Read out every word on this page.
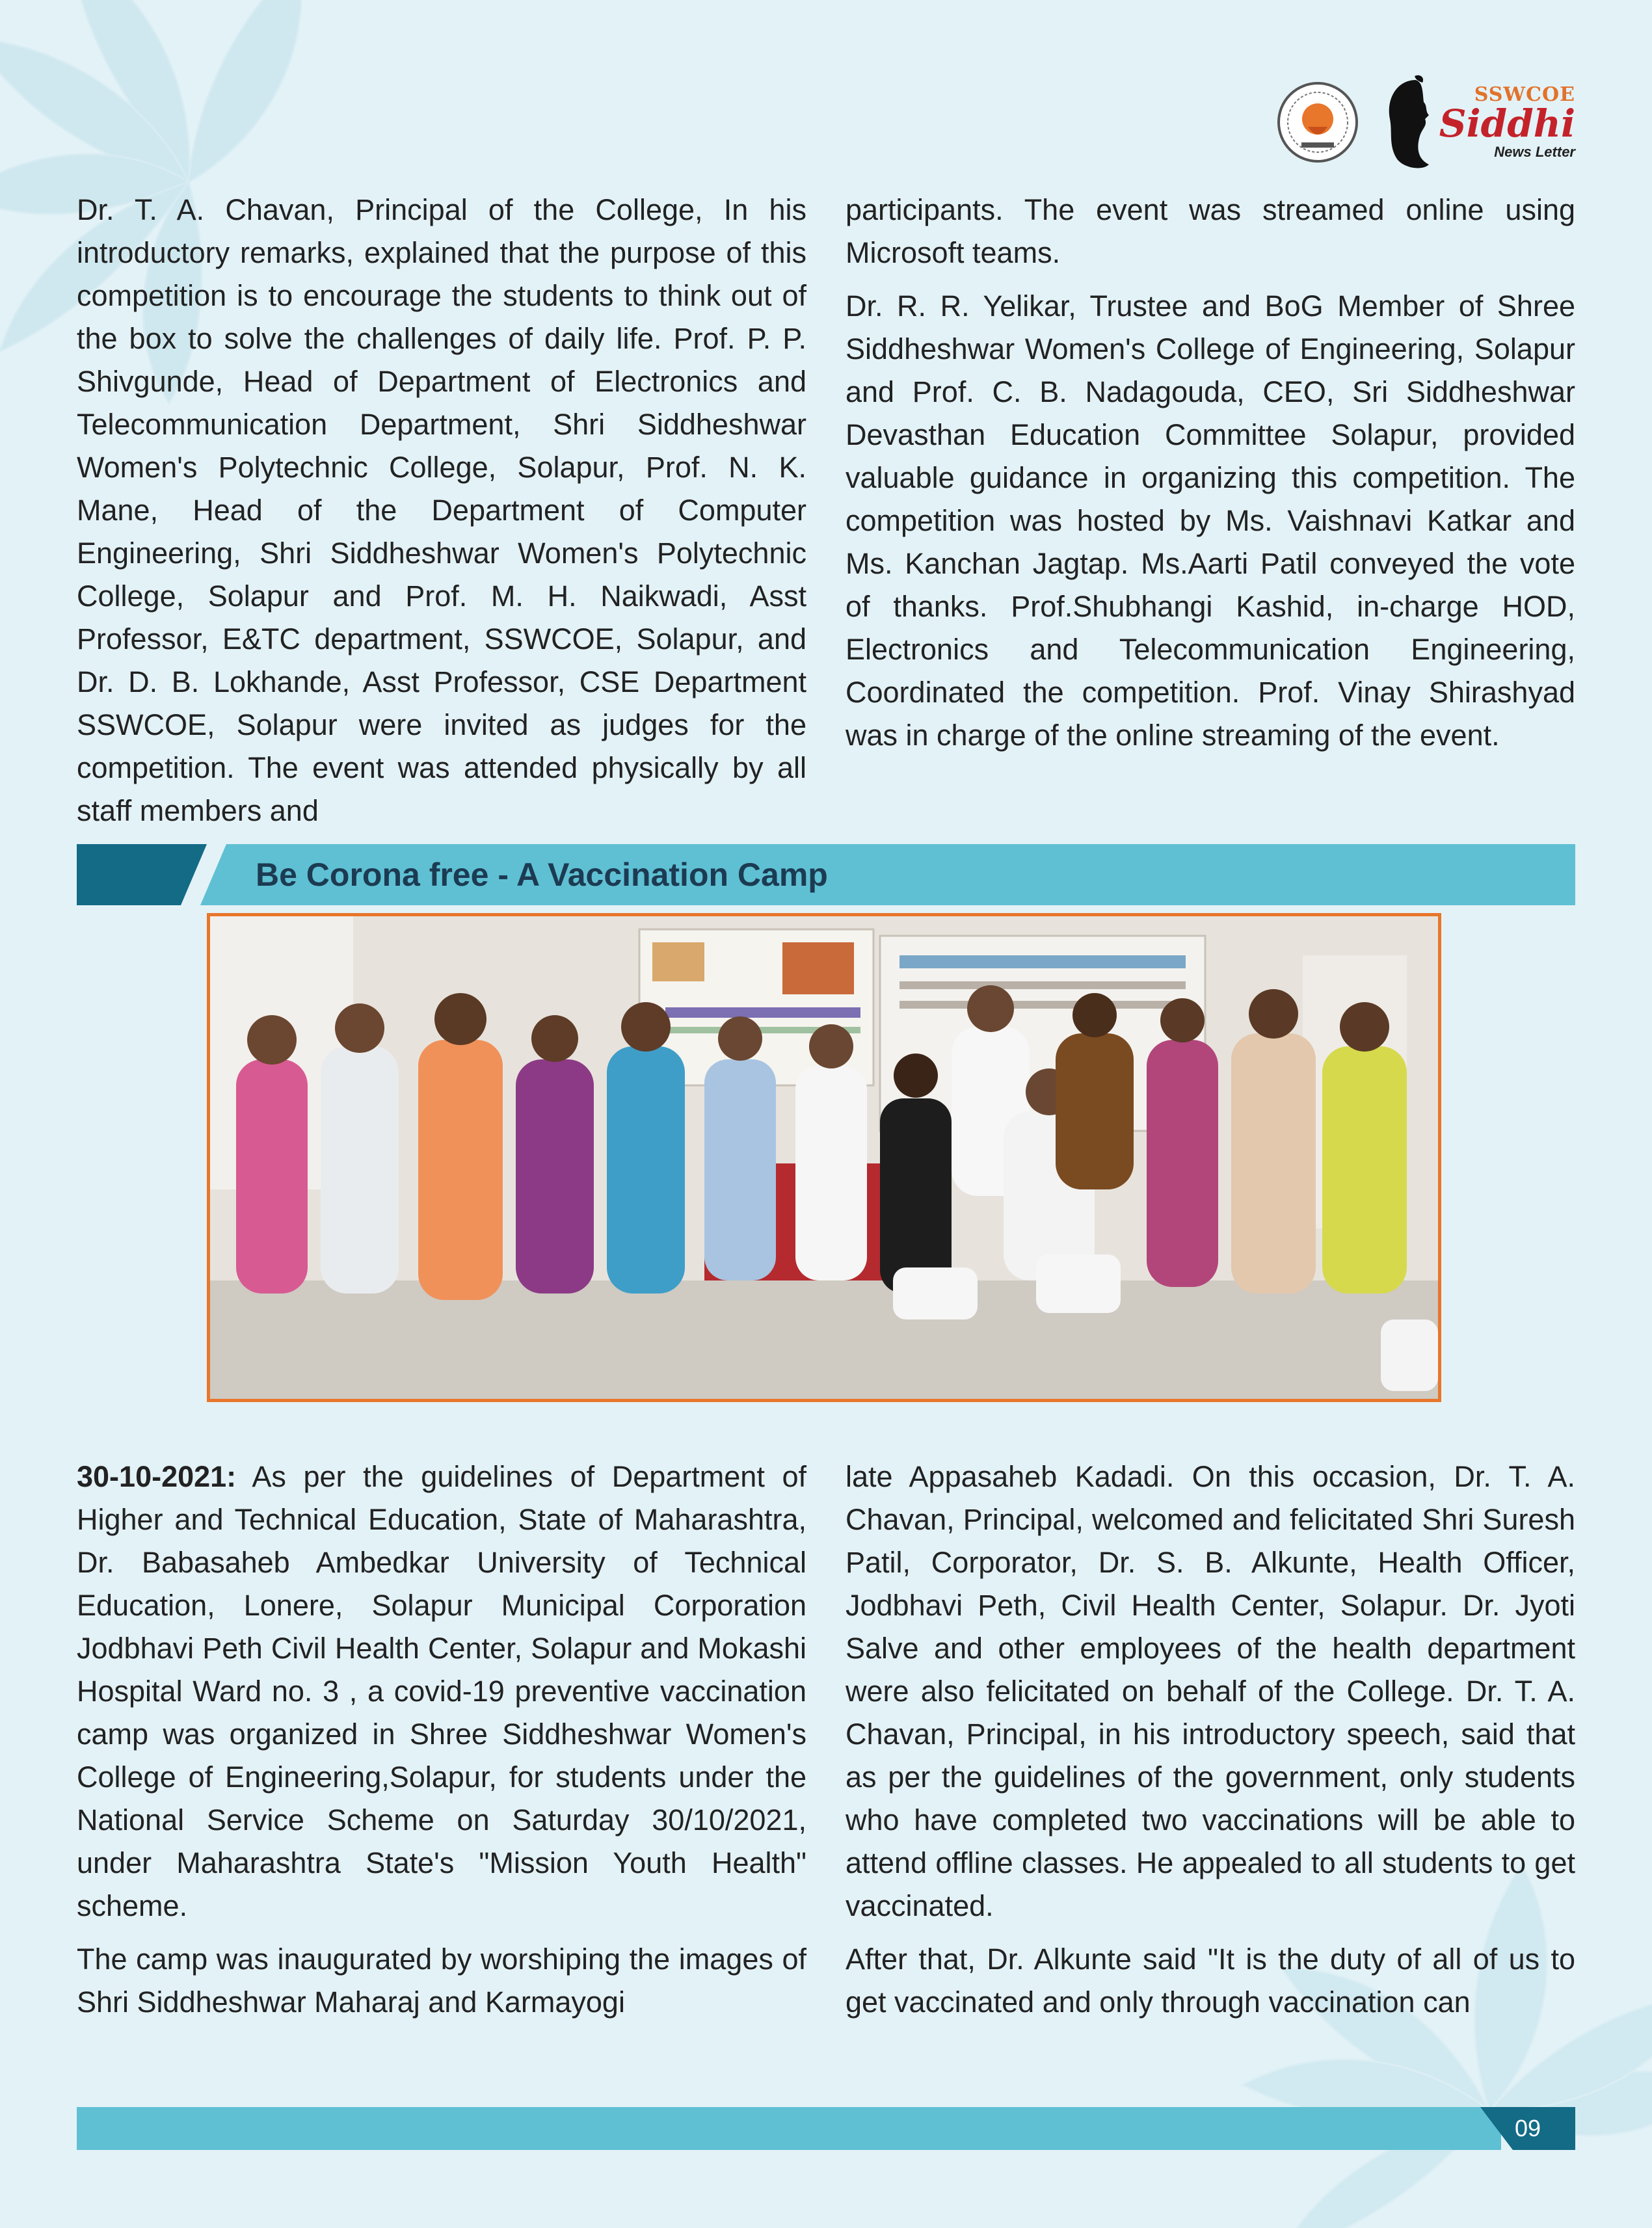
SSWCOE
Siddhi
News Letter

Dr. T. A. Chavan, Principal of the College, In his introductory remarks, explained that the purpose of this competition is to encourage the students to think out of the box to solve the challenges of daily life. Prof. P. P. Shivgunde, Head of Department of Electronics and Telecommunication Department, Shri Siddheshwar Women's Polytechnic College, Solapur, Prof. N. K. Mane, Head of the Department of Computer Engineering, Shri Siddheshwar Women's Polytechnic College, Solapur and Prof. M. H. Naikwadi, Asst Professor, E&TC department, SSWCOE, Solapur, and Dr. D. B. Lokhande, Asst Professor, CSE Department SSWCOE, Solapur were invited as judges for the competition. The event was attended physically by all staff members and

participants. The event was streamed online using Microsoft teams.

Dr. R. R. Yelikar, Trustee and BoG Member of Shree Siddheshwar Women's College of Engineering, Solapur and Prof. C. B. Nadagouda, CEO, Sri Siddheshwar Devasthan Education Committee Solapur, provided valuable guidance in organizing this competition. The competition was hosted by Ms. Vaishnavi Katkar and Ms. Kanchan Jagtap. Ms.Aarti Patil conveyed the vote of thanks. Prof.Shubhangi Kashid, in-charge HOD, Electronics and Telecommunication Engineering, Coordinated the competition. Prof. Vinay Shirashyad was in charge of the online streaming of the event.

Be Corona free - A Vaccination Camp

30-10-2021: As per the guidelines of Department of Higher and Technical Education, State of Maharashtra, Dr. Babasaheb Ambedkar University of Technical Education, Lonere, Solapur Municipal Corporation Jodbhavi Peth Civil Health Center, Solapur and Mokashi Hospital Ward no. 3 , a covid-19 preventive vaccination camp was organized in Shree Siddheshwar Women's College of Engineering,Solapur, for students under the National Service Scheme on Saturday 30/10/2021, under Maharashtra State's "Mission Youth Health" scheme.

The camp was inaugurated by worshiping the images of Shri Siddheshwar Maharaj and Karmayogi

late Appasaheb Kadadi. On this occasion, Dr. T. A. Chavan, Principal, welcomed and felicitated Shri Suresh Patil, Corporator, Dr. S. B. Alkunte, Health Officer, Jodbhavi Peth, Civil Health Center, Solapur. Dr. Jyoti Salve and other employees of the health department were also felicitated on behalf of the College. Dr. T. A. Chavan, Principal, in his introductory speech, said that as per the guidelines of the government, only students who have completed two vaccinations will be able to attend offline classes. He appealed to all students to get vaccinated.

After that, Dr. Alkunte said "It is the duty of all of us to get vaccinated and only through vaccination can

09
